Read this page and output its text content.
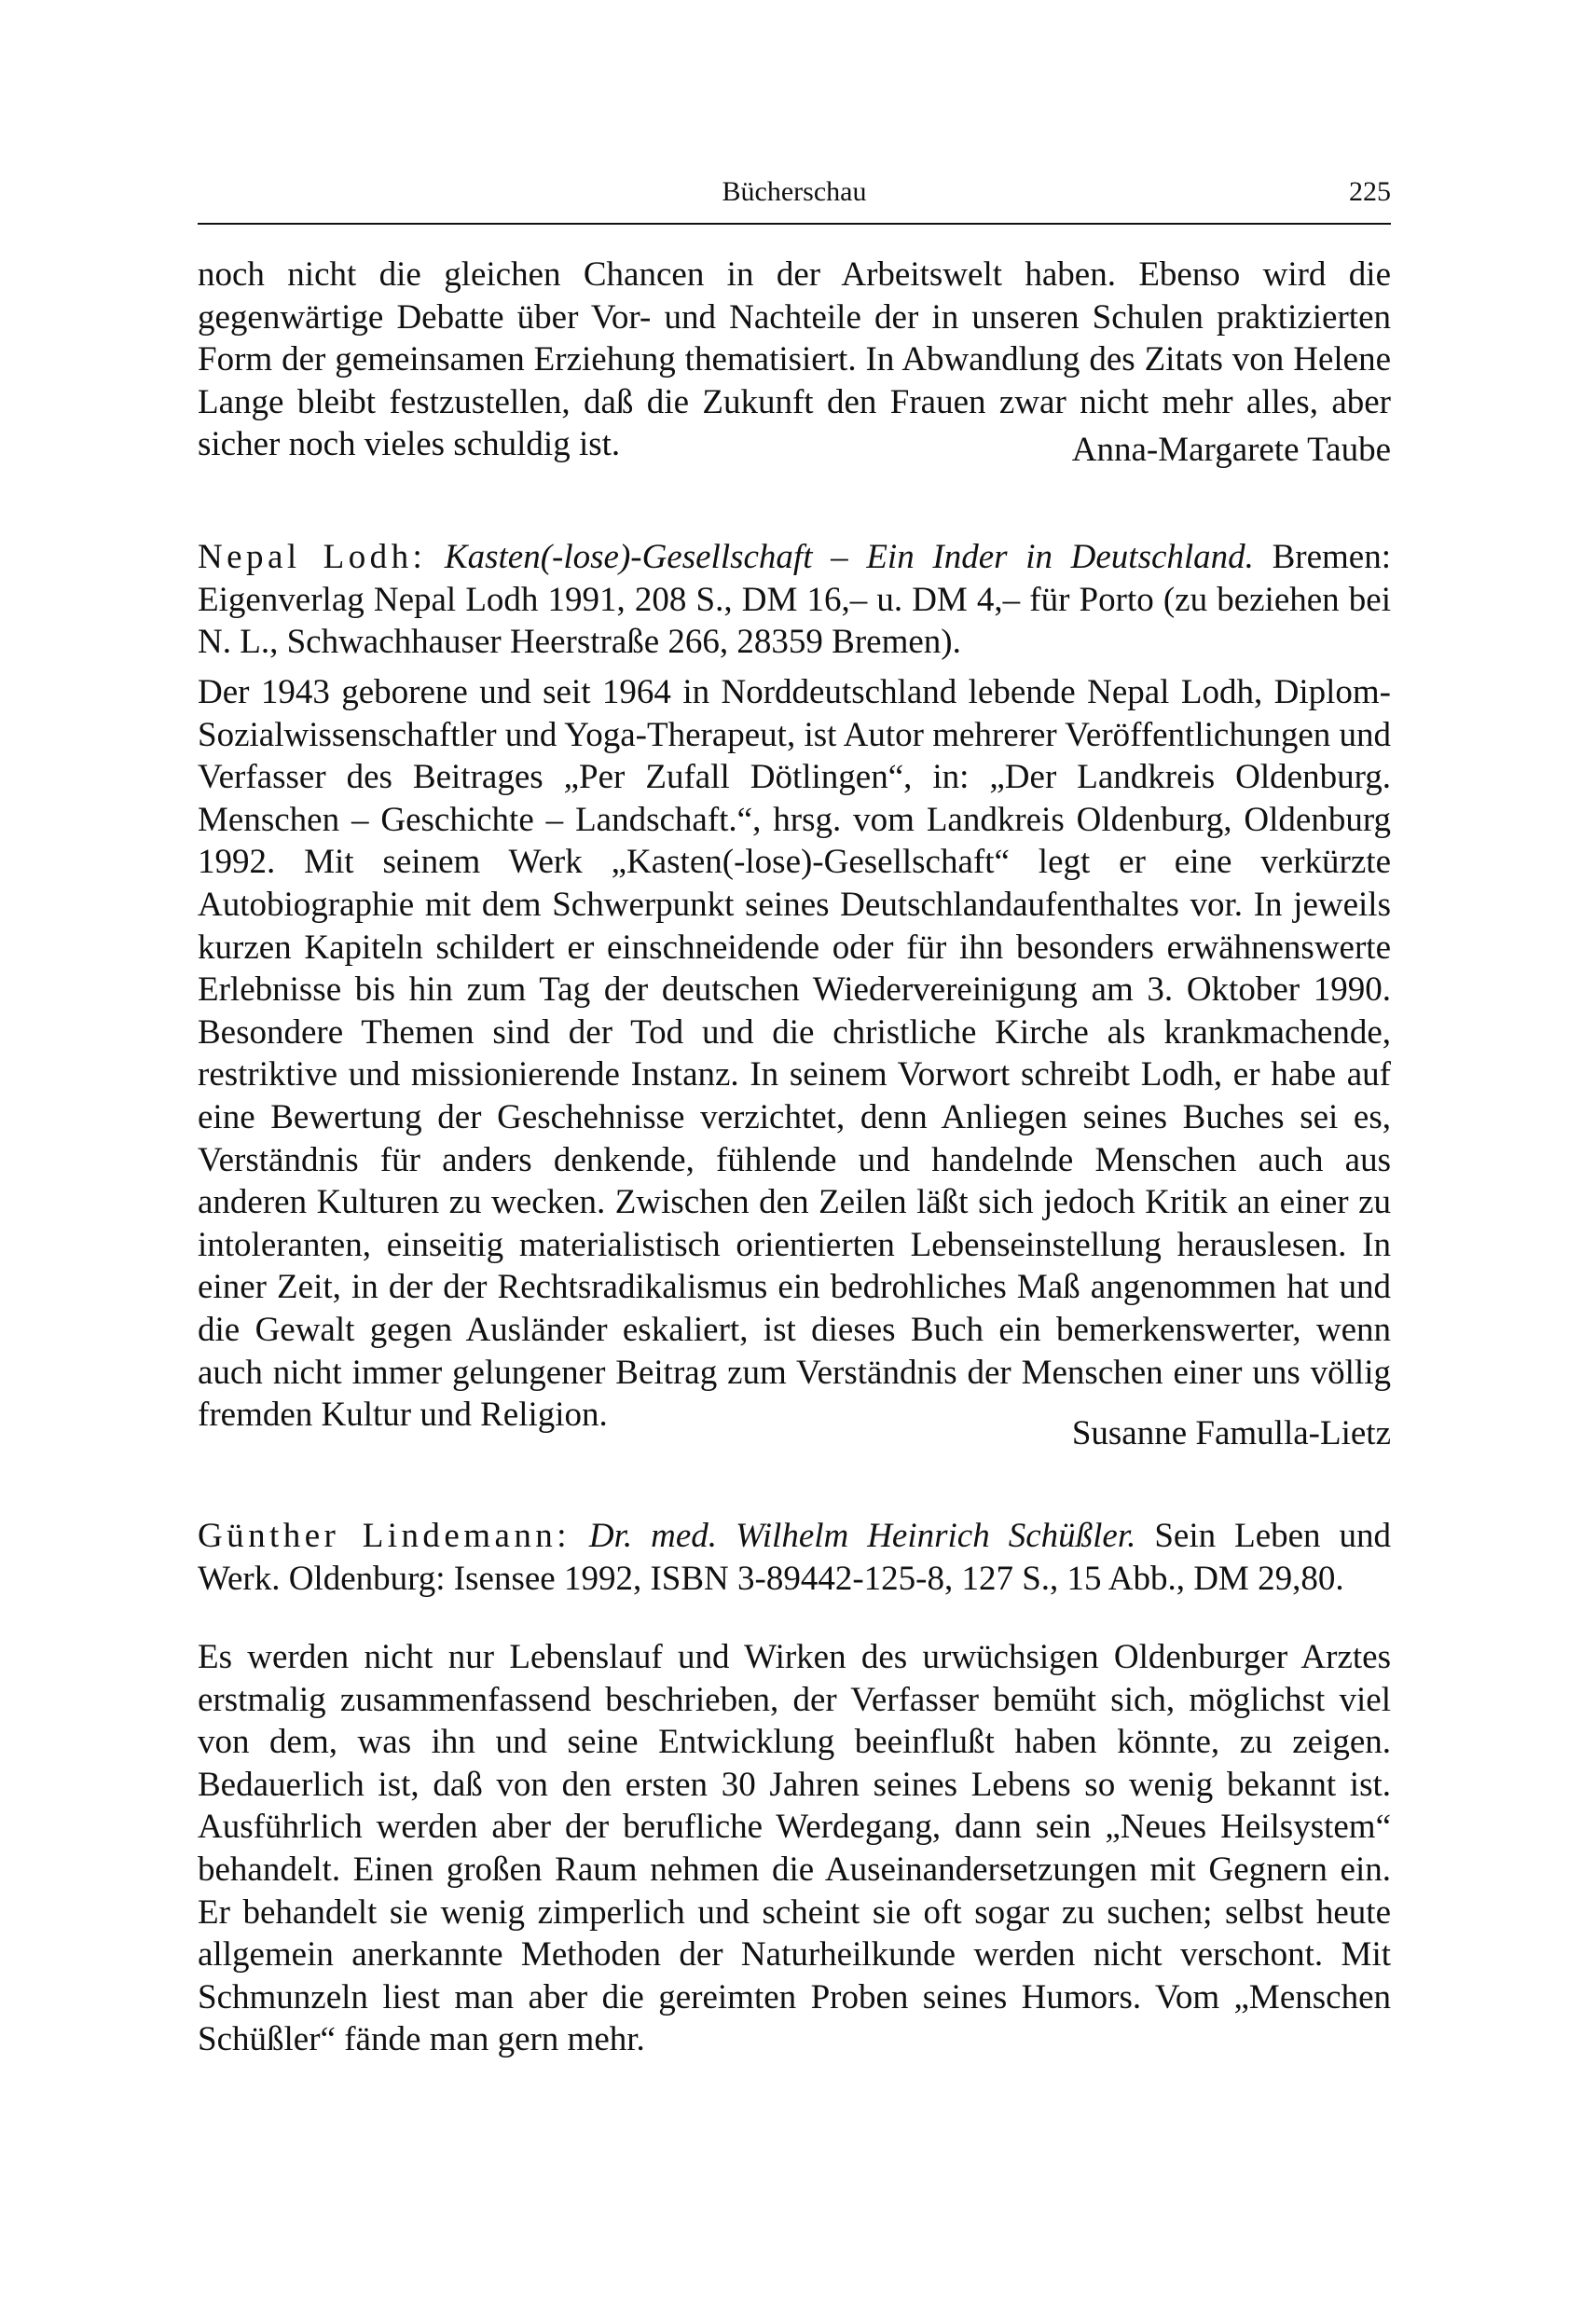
Bücherschau	225

noch nicht die gleichen Chancen in der Arbeitswelt haben. Ebenso wird die gegenwärtige Debatte über Vor- und Nachteile der in unseren Schulen praktizierten Form der gemeinsamen Erziehung thematisiert. In Abwandlung des Zitats von Helene Lange bleibt festzustellen, daß die Zukunft den Frauen zwar nicht mehr alles, aber sicher noch vieles schuldig ist.	Anna-Margarete Taube

Nepal Lodh: Kasten(-lose)-Gesellschaft – Ein Inder in Deutschland. Bremen: Eigenverlag Nepal Lodh 1991, 208 S., DM 16,– u. DM 4,– für Porto (zu beziehen bei N. L., Schwachhauser Heerstraße 266, 28359 Bremen).

Der 1943 geborene und seit 1964 in Norddeutschland lebende Nepal Lodh, Diplom-Sozialwissenschaftler und Yoga-Therapeut, ist Autor mehrerer Veröffentlichungen und Verfasser des Beitrages „Per Zufall Dötlingen“, in: „Der Landkreis Oldenburg. Menschen – Geschichte – Landschaft.“, hrsg. vom Landkreis Oldenburg, Oldenburg 1992. Mit seinem Werk „Kasten(-lose)-Gesellschaft“ legt er eine verkürzte Autobiographie mit dem Schwerpunkt seines Deutschlandaufenthaltes vor. In jeweils kurzen Kapiteln schildert er einschneidende oder für ihn besonders erwähnenswerte Erlebnisse bis hin zum Tag der deutschen Wiedervereinigung am 3. Oktober 1990. Besondere Themen sind der Tod und die christliche Kirche als krankmachende, restriktive und missionierende Instanz. In seinem Vorwort schreibt Lodh, er habe auf eine Bewertung der Geschehnisse verzichtet, denn Anliegen seines Buches sei es, Verständnis für anders denkende, fühlende und handelnde Menschen auch aus anderen Kulturen zu wecken. Zwischen den Zeilen läßt sich jedoch Kritik an einer zu intoleranten, einseitig materialistisch orientierten Lebenseinstellung herauslesen. In einer Zeit, in der der Rechtsradikalismus ein bedrohliches Maß angenommen hat und die Gewalt gegen Ausländer eskaliert, ist dieses Buch ein bemerkenswerter, wenn auch nicht immer gelungener Beitrag zum Verständnis der Menschen einer uns völlig fremden Kultur und Religion.	Susanne Famulla-Lietz

Günther Lindemann: Dr. med. Wilhelm Heinrich Schüßler. Sein Leben und Werk. Oldenburg: Isensee 1992, ISBN 3-89442-125-8, 127 S., 15 Abb., DM 29,80.

Es werden nicht nur Lebenslauf und Wirken des urwüchsigen Oldenburger Arztes erstmalig zusammenfassend beschrieben, der Verfasser bemüht sich, möglichst viel von dem, was ihn und seine Entwicklung beeinflußt haben könnte, zu zeigen. Bedauerlich ist, daß von den ersten 30 Jahren seines Lebens so wenig bekannt ist. Ausführlich werden aber der berufliche Werdegang, dann sein „Neues Heilsystem“ behandelt. Einen großen Raum nehmen die Auseinandersetzungen mit Gegnern ein. Er behandelt sie wenig zimperlich und scheint sie oft sogar zu suchen; selbst heute allgemein anerkannte Methoden der Naturheilkunde werden nicht verschont. Mit Schmunzeln liest man aber die gereimten Proben seines Humors. Vom „Menschen Schüßler“ fände man gern mehr.
